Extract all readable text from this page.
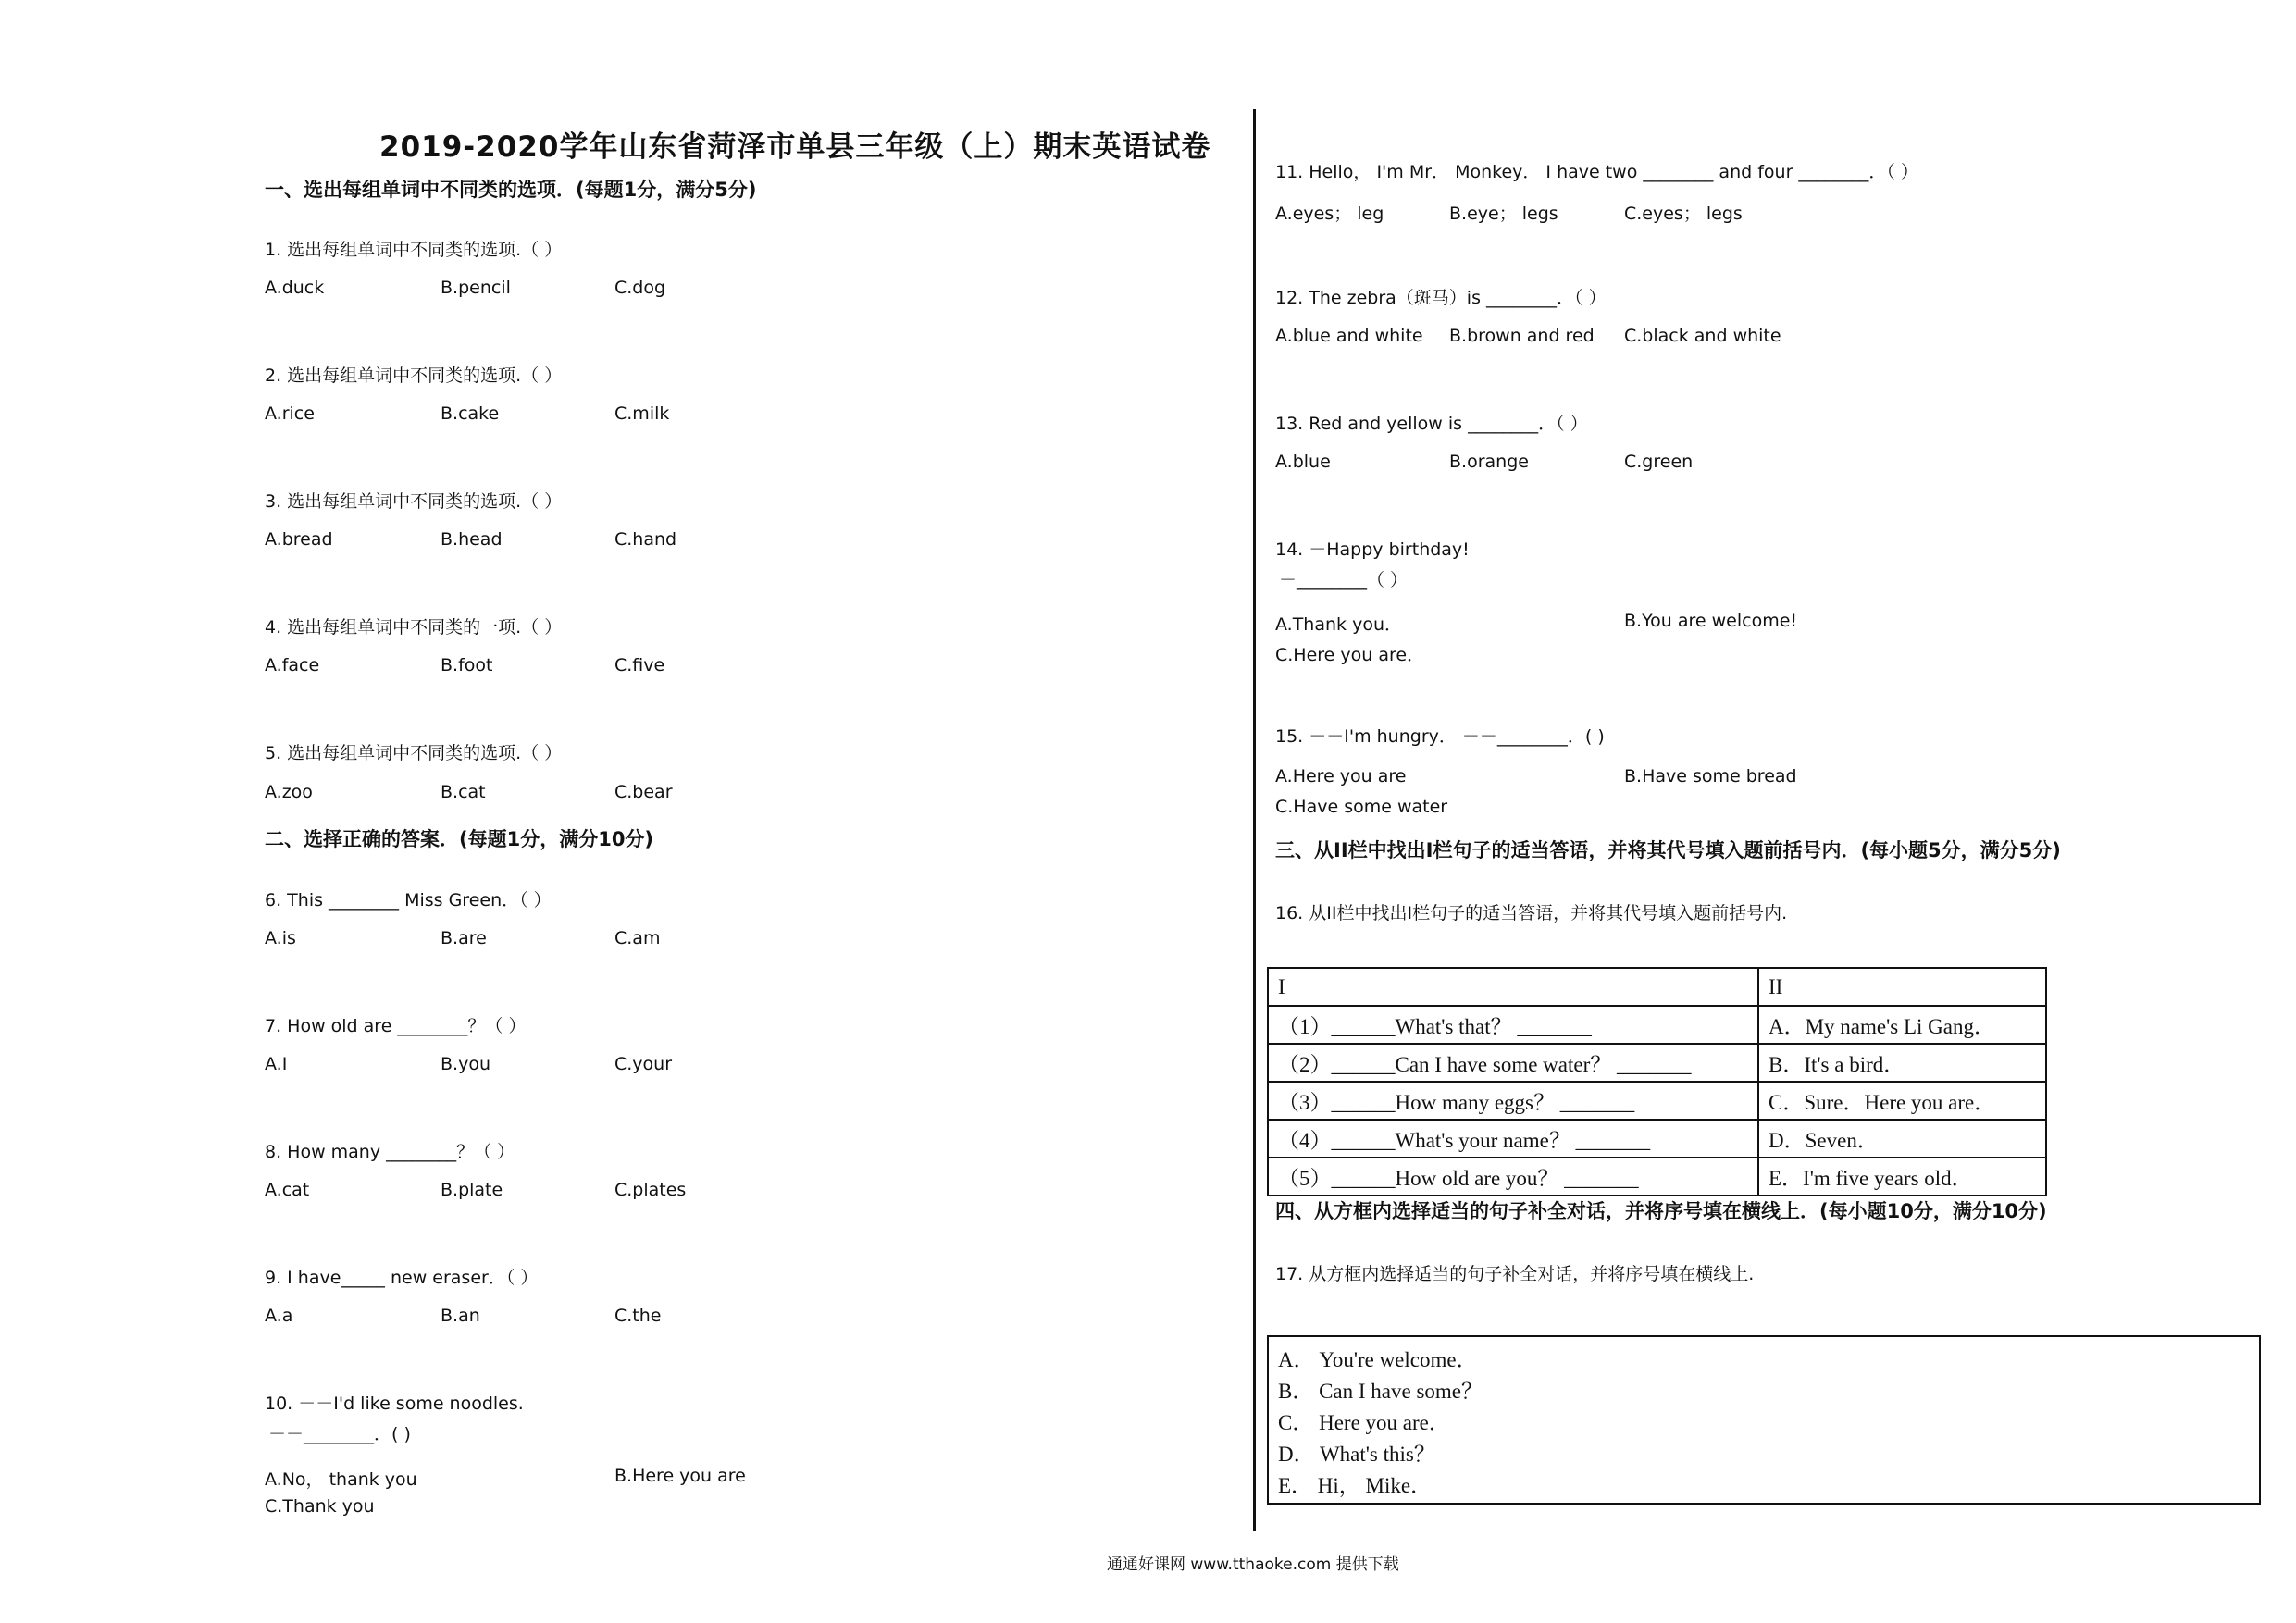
2019-2020学年山东省菏泽市单县三年级（上）期末英语试卷
一、选出每组单词中不同类的选项．(每题1分，满分5分)
1. 选出每组单词中不同类的选项.（ ）
A.duck	B.pencil	C.dog
2. 选出每组单词中不同类的选项.（ ）
A.rice	B.cake	C.milk
3. 选出每组单词中不同类的选项.（ ）
A.bread	B.head	C.hand
4. 选出每组单词中不同类的一项.（ ）
A.face	B.foot	C.five
5. 选出每组单词中不同类的选项.（ ）
A.zoo	B.cat	C.bear
二、选择正确的答案．(每题1分，满分10分)
6. This ________ Miss Green．（ ）
A.is	B.are	C.am
7. How old are ________？（ ）
A.I	B.you	C.your
8. How many ________？（ ）
A.cat	B.plate	C.plates
9. I have_____ new eraser．（ ）
A.a	B.an	C.the
10. －－I'd like some noodles.
－－________．( )
A.No， thank you	B.Here you are
C.Thank you
11. Hello， I'm Mr． Monkey． I have two ________ and four ________．（ ）
A.eyes； leg	B.eye； legs	C.eyes； legs
12. The zebra（斑马）is ________．（ ）
A.blue and white B.brown and red C.black and white
13. Red and yellow is ________．（ ）
A.blue	B.orange	C.green
14. －Happy birthday!
－________（ ）
A.Thank you．	B.You are welcome!
C.Here you are．
15. －－I'm hungry． －－________．( )
A.Here you are	B.Have some bread
C.Have some water
三、从II栏中找出I栏句子的适当答语，并将其代号填入题前括号内．(每小题5分，满分5分)
16. 从II栏中找出I栏句子的适当答语，并将其代号填入题前括号内.
I	II
（1）______What's that？ _______	A．My name's Li Gang．
（2）______Can I have some water？ _______	B．It's a bird．
（3）______How many eggs？ _______	C．Sure．Here you are．
（4）______What's your name？ _______	D．Seven．
（5）______How old are you？ _______	E．I'm five years old．
四、从方框内选择适当的句子补全对话，并将序号填在横线上．(每小题10分，满分10分)
17. 从方框内选择适当的句子补全对话，并将序号填在横线上.
A． You're welcome．
B． Can I have some？
C． Here you are．
D． What's this？
E． Hi， Mike．
通通好课网 www.tthaoke.com 提供下载
